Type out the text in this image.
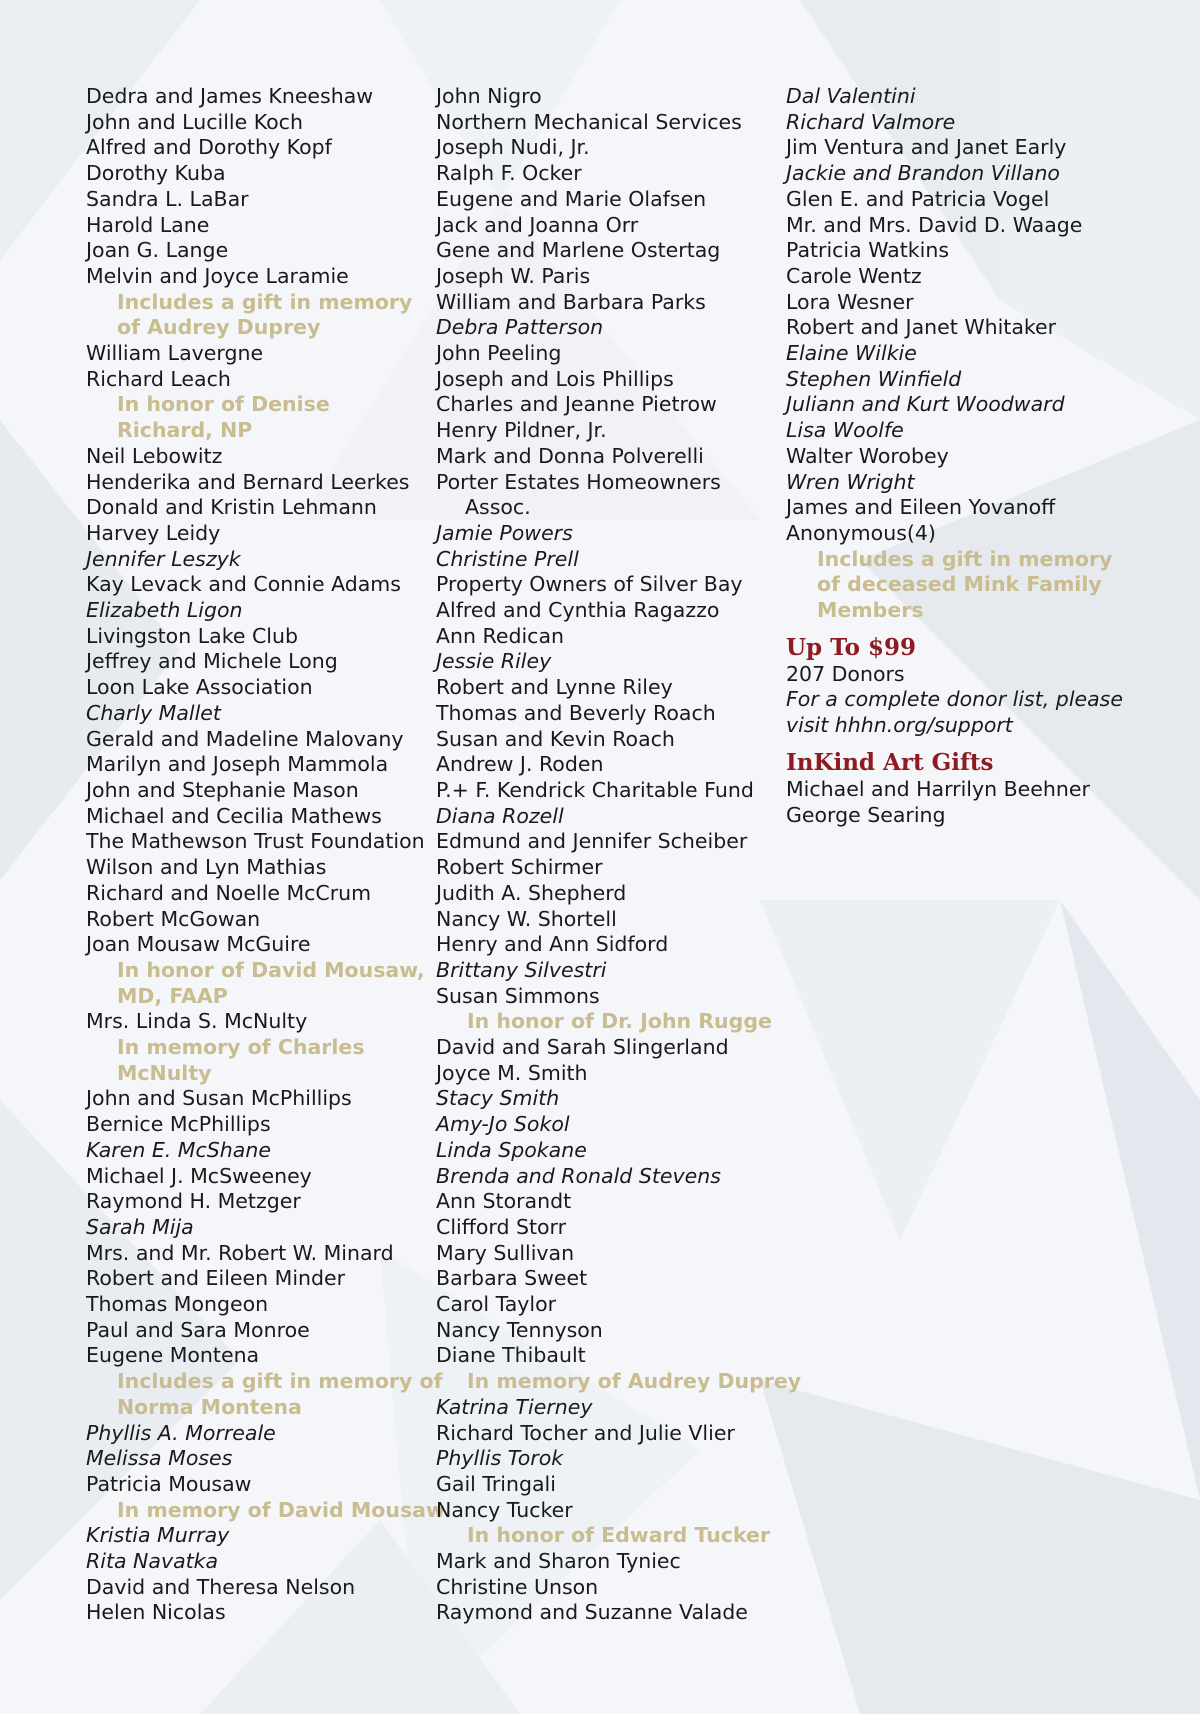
Dedra and James Kneeshaw
John and Lucille Koch
Alfred and Dorothy Kopf
Dorothy Kuba
Sandra L. LaBar
Harold Lane
Joan G. Lange
Melvin and Joyce Laramie
Includes a gift in memory
of Audrey Duprey
William Lavergne
Richard Leach
In honor of Denise
Richard, NP
Neil Lebowitz
Henderika and Bernard Leerkes
Donald and Kristin Lehmann
Harvey Leidy
Jennifer Leszyk
Kay Levack and Connie Adams
Elizabeth Ligon
Livingston Lake Club
Jeffrey and Michele Long
Loon Lake Association
Charly Mallet
Gerald and Madeline Malovany
Marilyn and Joseph Mammola
John and Stephanie Mason
Michael and Cecilia Mathews
The Mathewson Trust Foundation
Wilson and Lyn Mathias
Richard and Noelle McCrum
Robert McGowan
Joan Mousaw McGuire
In honor of David Mousaw,
MD, FAAP
Mrs. Linda S. McNulty
In memory of Charles
McNulty
John and Susan McPhillips
Bernice McPhillips
Karen E. McShane
Michael J. McSweeney
Raymond H. Metzger
Sarah Mija
Mrs. and Mr. Robert W. Minard
Robert and Eileen Minder
Thomas Mongeon
Paul and Sara Monroe
Eugene Montena
Includes a gift in memory of
Norma Montena
Phyllis A. Morreale
Melissa Moses
Patricia Mousaw
In memory of David Mousaw
Kristia Murray
Rita Navatka
David and Theresa Nelson
Helen Nicolas
John Nigro
Northern Mechanical Services
Joseph Nudi, Jr.
Ralph F. Ocker
Eugene and Marie Olafsen
Jack and Joanna Orr
Gene and Marlene Ostertag
Joseph W. Paris
William and Barbara Parks
Debra Patterson
John Peeling
Joseph and Lois Phillips
Charles and Jeanne Pietrow
Henry Pildner, Jr.
Mark and Donna Polverelli
Porter Estates Homeowners
Assoc.
Jamie Powers
Christine Prell
Property Owners of Silver Bay
Alfred and Cynthia Ragazzo
Ann Redican
Jessie Riley
Robert and Lynne Riley
Thomas and Beverly Roach
Susan and Kevin Roach
Andrew J. Roden
P.+ F. Kendrick Charitable Fund
Diana Rozell
Edmund and Jennifer Scheiber
Robert Schirmer
Judith A. Shepherd
Nancy W. Shortell
Henry and Ann Sidford
Brittany Silvestri
Susan Simmons
In honor of Dr. John Rugge
David and Sarah Slingerland
Joyce M. Smith
Stacy Smith
Amy-Jo Sokol
Linda Spokane
Brenda and Ronald Stevens
Ann Storandt
Clifford Storr
Mary Sullivan
Barbara Sweet
Carol Taylor
Nancy Tennyson
Diane Thibault
In memory of Audrey Duprey
Katrina Tierney
Richard Tocher and Julie Vlier
Phyllis Torok
Gail Tringali
Nancy Tucker
In honor of Edward Tucker
Mark and Sharon Tyniec
Christine Unson
Raymond and Suzanne Valade
Dal Valentini
Richard Valmore
Jim Ventura and Janet Early
Jackie and Brandon Villano
Glen E. and Patricia Vogel
Mr. and Mrs. David D. Waage
Patricia Watkins
Carole Wentz
Lora Wesner
Robert and Janet Whitaker
Elaine Wilkie
Stephen Winfield
Juliann and Kurt Woodward
Lisa Woolfe
Walter Worobey
Wren Wright
James and Eileen Yovanoff
Anonymous(4)
Includes a gift in memory
of deceased Mink Family
Members
Up To $99
207 Donors
For a complete donor list, please
visit hhhn.org/support
InKind Art Gifts
Michael and Harrilyn Beehner
George Searing
